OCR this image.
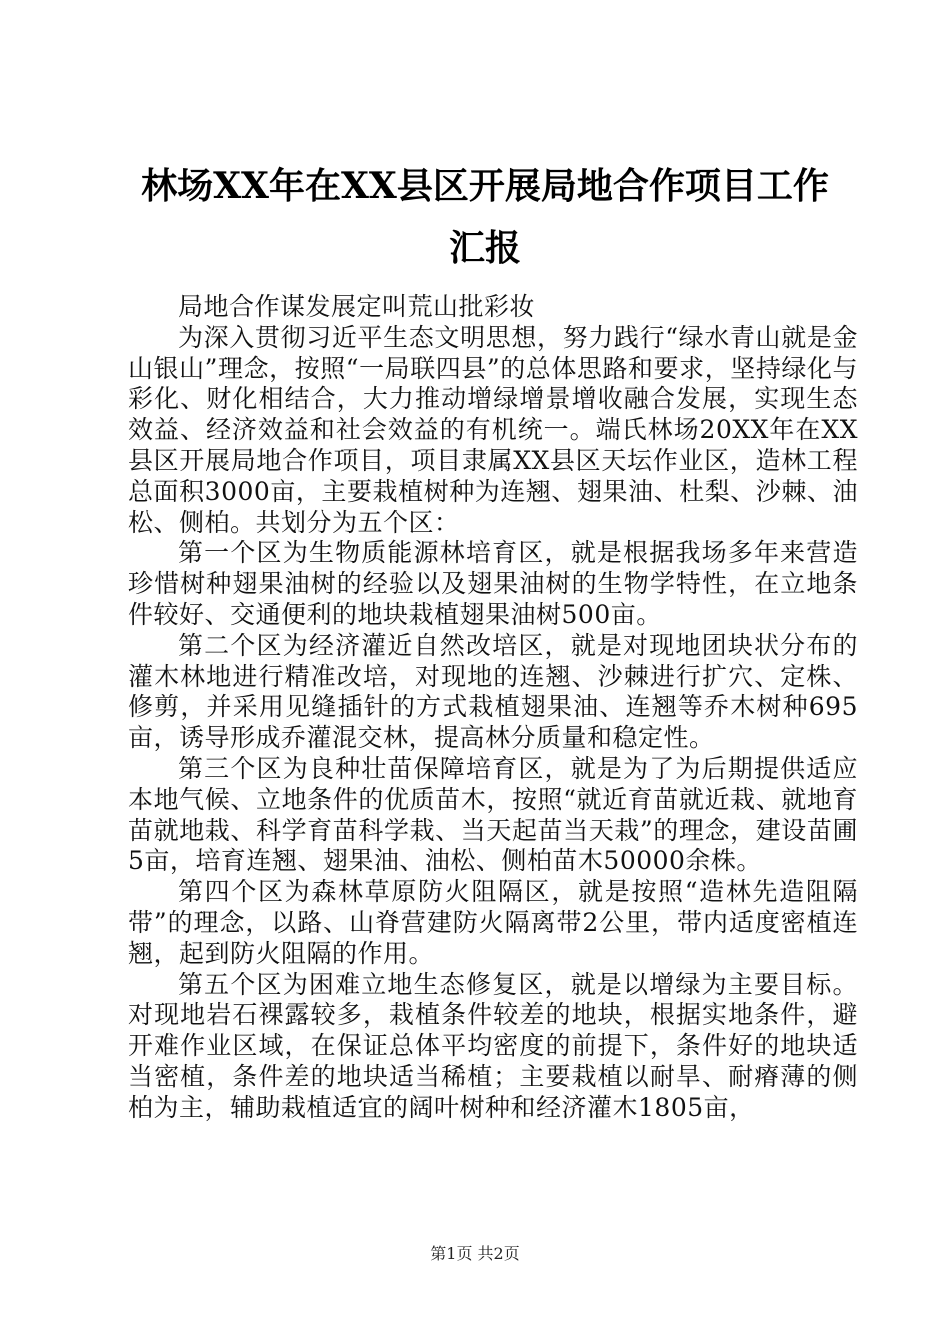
林场XX年在XX县区开展局地合作项目工作汇报

局地合作谋发展定叫荒山批彩妆

为深入贯彻习近平生态文明思想，努力践行“绿水青山就是金山银山”理念，按照“一局联四县”的总体思路和要求，坚持绿化与彩化、财化相结合，大力推动增绿增景增收融合发展，实现生态效益、经济效益和社会效益的有机统一。端氏林场20XX年在XX县区开展局地合作项目，项目隶属XX县区天坛作业区，造林工程总面积3000亩，主要栽植树种为连翘、翅果油、杜梨、沙棘、油松、侧柏。共划分为五个区：

第一个区为生物质能源林培育区，就是根据我场多年来营造珍惜树种翅果油树的经验以及翅果油树的生物学特性，在立地条件较好、交通便利的地块栽植翅果油树500亩。

第二个区为经济灌近自然改培区，就是对现地团块状分布的灌木林地进行精准改培，对现地的连翘、沙棘进行扩穴、定株、修剪，并采用见缝插针的方式栽植翅果油、连翘等乔木树种695亩，诱导形成乔灌混交林，提高林分质量和稳定性。

第三个区为良种壮苗保障培育区，就是为了为后期提供适应本地气候、立地条件的优质苗木，按照“就近育苗就近栽、就地育苗就地栽、科学育苗科学栽、当天起苗当天栽”的理念，建设苗圃5亩，培育连翘、翅果油、油松、侧柏苗木50000余株。

第四个区为森林草原防火阻隔区，就是按照“造林先造阻隔带”的理念，以路、山脊营建防火隔离带2公里，带内适度密植连翘，起到防火阻隔的作用。

第五个区为困难立地生态修复区，就是以增绿为主要目标。对现地岩石裸露较多，栽植条件较差的地块，根据实地条件，避开难作业区域，在保证总体平均密度的前提下，条件好的地块适当密植，条件差的地块适当稀植；主要栽植以耐旱、耐瘠薄的侧柏为主，辅助栽植适宜的阔叶树种和经济灌木1805亩，

第1页 共2页
